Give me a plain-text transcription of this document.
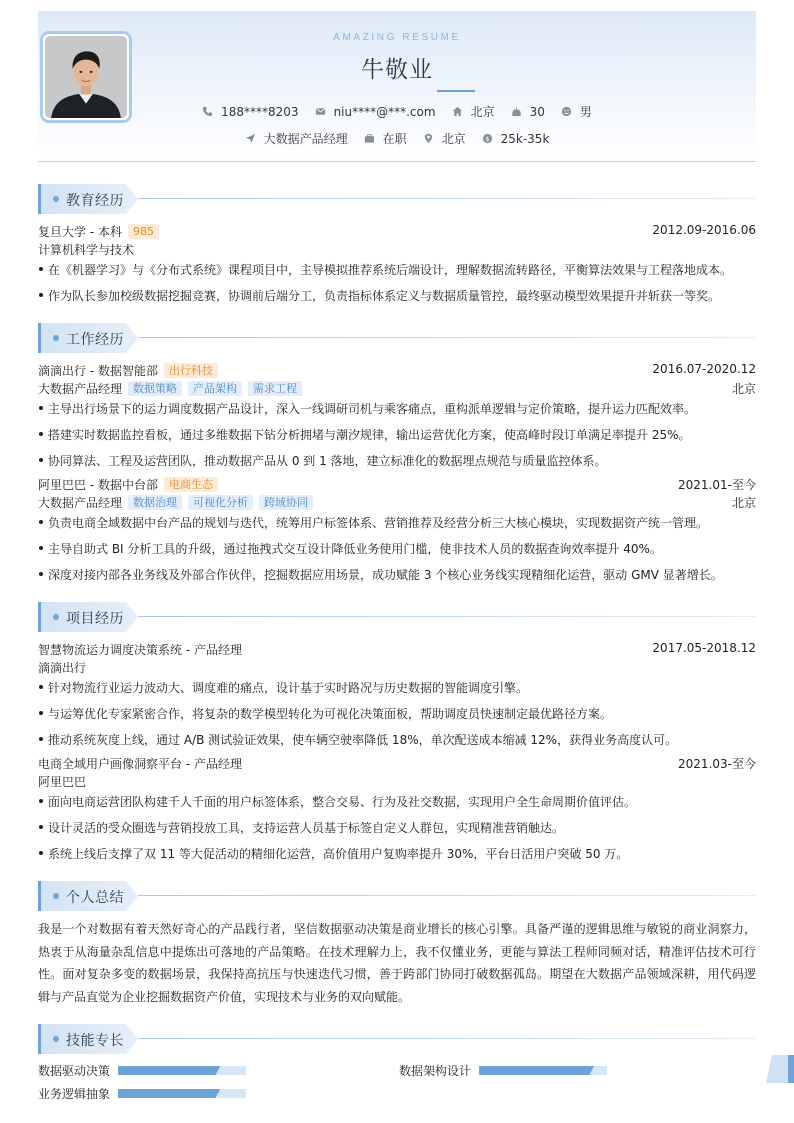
AMAZING RESUME
牛敬业
188****8203	niu****@***.com	北京	30	男
大数据产品经理	在职	北京	$ 25k-35k
教育经历
复旦大学 - 本科	985	2012.09-2016.06
计算机科学与技术
在《机器学习》与《分布式系统》课程项目中，主导模拟推荐系统后端设计，理解数据流转路径，平衡算法效果与工程落地成本。
作为队长参加校级数据挖掘竞赛，协调前后端分工，负责指标体系定义与数据质量管控，最终驱动模型效果提升并斩获一等奖。
工作经历
滴滴出行 - 数据智能部	出行科技	2016.07-2020.12
大数据产品经理	数据策略	产品架构	需求工程	北京
主导出行场景下的运力调度数据产品设计，深入一线调研司机与乘客痛点，重构派单逻辑与定价策略，提升运力匹配效率。
搭建实时数据监控看板，通过多维数据下钻分析拥堵与潮汐规律，输出运营优化方案，使高峰时段订单满足率提升 25%。
协同算法、工程及运营团队，推动数据产品从 0 到 1 落地，建立标准化的数据埋点规范与质量监控体系。
阿里巴巴 - 数据中台部	电商生态	2021.01-至今
大数据产品经理	数据治理	可视化分析	跨域协同	北京
负责电商全域数据中台产品的规划与迭代，统筹用户标签体系、营销推荐及经营分析三大核心模块，实现数据资产统一管理。
主导自助式 BI 分析工具的升级，通过拖拽式交互设计降低业务使用门槛，使非技术人员的数据查询效率提升 40%。
深度对接内部各业务线及外部合作伙伴，挖掘数据应用场景，成功赋能 3 个核心业务线实现精细化运营，驱动 GMV 显著增长。
项目经历
智慧物流运力调度决策系统 - 产品经理	2017.05-2018.12
滴滴出行
针对物流行业运力波动大、调度难的痛点，设计基于实时路况与历史数据的智能调度引擎。
与运筹优化专家紧密合作，将复杂的数学模型转化为可视化决策面板，帮助调度员快速制定最优路径方案。
推动系统灰度上线，通过 A/B 测试验证效果，使车辆空驶率降低 18%，单次配送成本缩减 12%，获得业务高度认可。
电商全域用户画像洞察平台 - 产品经理	2021.03-至今
阿里巴巴
面向电商运营团队构建千人千面的用户标签体系，整合交易、行为及社交数据，实现用户全生命周期价值评估。
设计灵活的受众圈选与营销投放工具，支持运营人员基于标签自定义人群包，实现精准营销触达。
系统上线后支撑了双 11 等大促活动的精细化运营，高价值用户复购率提升 30%，平台日活用户突破 50 万。
个人总结
我是一个对数据有着天然好奇心的产品践行者，坚信数据驱动决策是商业增长的核心引擎。具备严谨的逻辑思维与敏锐的商业洞察力，热衷于从海量杂乱信息中提炼出可落地的产品策略。在技术理解力上，我不仅懂业务，更能与算法工程师同频对话，精准评估技术可行性。面对复杂多变的数据场景，我保持高抗压与快速迭代习惯，善于跨部门协同打破数据孤岛。期望在大数据产品领域深耕，用代码逻辑与产品直觉为企业挖掘数据资产价值，实现技术与业务的双向赋能。
技能专长
数据驱动决策	数据架构设计
业务逻辑抽象
